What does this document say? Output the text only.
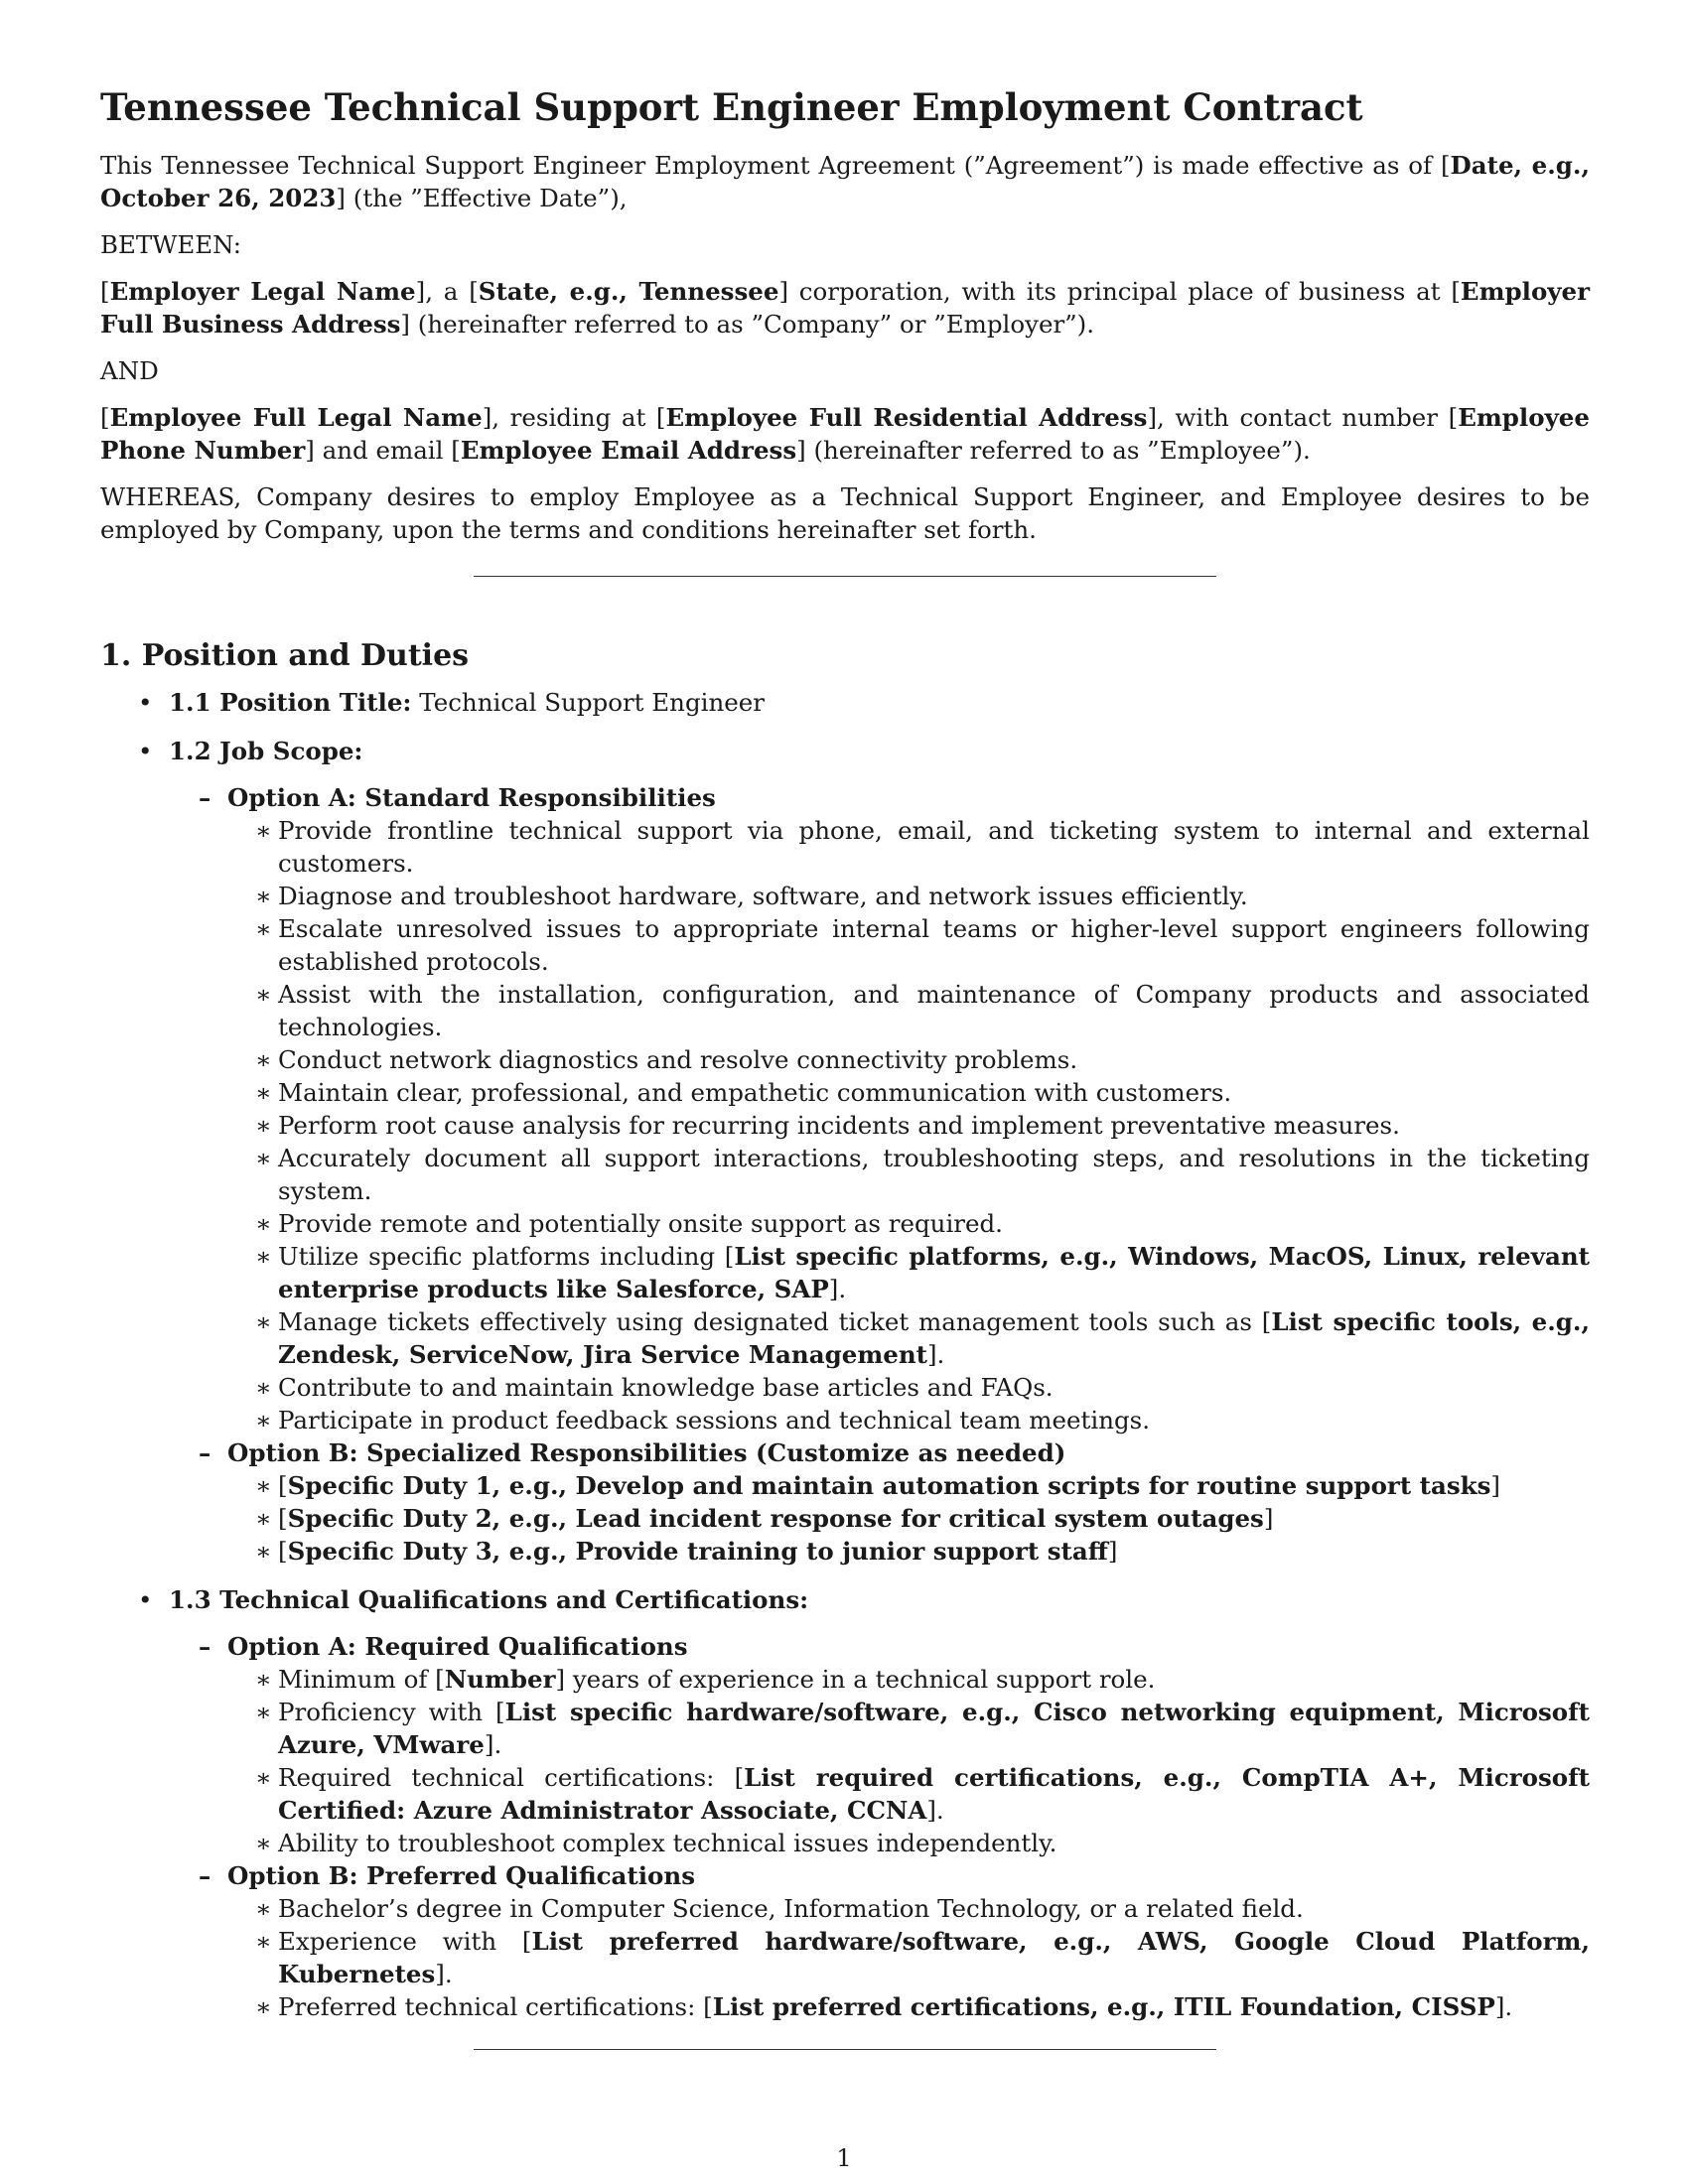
Tennessee Technical Support Engineer Employment Contract

This Tennessee Technical Support Engineer Employment Agreement (”Agreement”) is made effective as of [Date, e.g., October 26, 2023] (the ”Effective Date”),

BETWEEN:

[Employer Legal Name], a [State, e.g., Tennessee] corporation, with its principal place of business at [Employer Full Business Address] (hereinafter referred to as ”Company” or ”Employer”).

AND

[Employee Full Legal Name], residing at [Employee Full Residential Address], with contact number [Employee Phone Number] and email [Employee Email Address] (hereinafter referred to as ”Employee”).

WHEREAS, Company desires to employ Employee as a Technical Support Engineer, and Employee desires to be employed by Company, upon the terms and conditions hereinafter set forth.

1. Position and Duties
• 1.1 Position Title: Technical Support Engineer
• 1.2 Job Scope:
– Option A: Standard Responsibilities
∗ Provide frontline technical support via phone, email, and ticketing system to internal and external customers.
∗ Diagnose and troubleshoot hardware, software, and network issues efficiently.
∗ Escalate unresolved issues to appropriate internal teams or higher-level support engineers following established protocols.
∗ Assist with the installation, configuration, and maintenance of Company products and associated technologies.
∗ Conduct network diagnostics and resolve connectivity problems.
∗ Maintain clear, professional, and empathetic communication with customers.
∗ Perform root cause analysis for recurring incidents and implement preventative measures.
∗ Accurately document all support interactions, troubleshooting steps, and resolutions in the ticketing system.
∗ Provide remote and potentially onsite support as required.
∗ Utilize specific platforms including [List specific platforms, e.g., Windows, MacOS, Linux, relevant enterprise products like Salesforce, SAP].
∗ Manage tickets effectively using designated ticket management tools such as [List specific tools, e.g., Zendesk, ServiceNow, Jira Service Management].
∗ Contribute to and maintain knowledge base articles and FAQs.
∗ Participate in product feedback sessions and technical team meetings.
– Option B: Specialized Responsibilities (Customize as needed)
∗ [Specific Duty 1, e.g., Develop and maintain automation scripts for routine support tasks]
∗ [Specific Duty 2, e.g., Lead incident response for critical system outages]
∗ [Specific Duty 3, e.g., Provide training to junior support staff]
• 1.3 Technical Qualifications and Certifications:
– Option A: Required Qualifications
∗ Minimum of [Number] years of experience in a technical support role.
∗ Proficiency with [List specific hardware/software, e.g., Cisco networking equipment, Microsoft Azure, VMware].
∗ Required technical certifications: [List required certifications, e.g., CompTIA A+, Microsoft Certified: Azure Administrator Associate, CCNA].
∗ Ability to troubleshoot complex technical issues independently.
– Option B: Preferred Qualifications
∗ Bachelor’s degree in Computer Science, Information Technology, or a related field.
∗ Experience with [List preferred hardware/software, e.g., AWS, Google Cloud Platform, Kubernetes].
∗ Preferred technical certifications: [List preferred certifications, e.g., ITIL Foundation, CISSP].
1
